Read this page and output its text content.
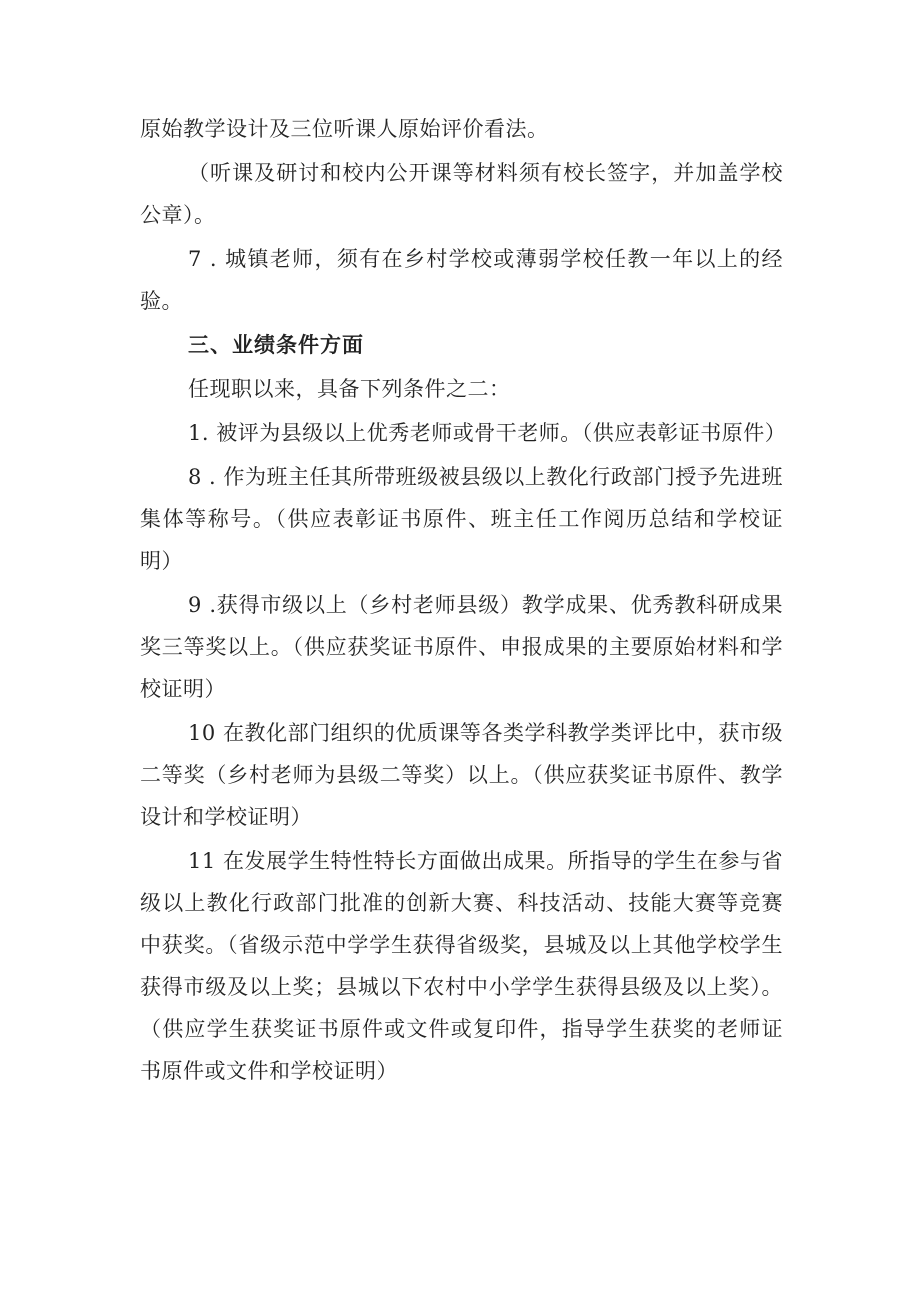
原始教学设计及三位听课人原始评价看法。

（听课及研讨和校内公开课等材料须有校长签字，并加盖学校公章）。

7 . 城镇老师，须有在乡村学校或薄弱学校任教一年以上的经验。

三、业绩条件方面

任现职以来，具备下列条件之二：

1. 被评为县级以上优秀老师或骨干老师。（供应表彰证书原件）

8 . 作为班主任其所带班级被县级以上教化行政部门授予先进班集体等称号。（供应表彰证书原件、班主任工作阅历总结和学校证明）

9 .获得市级以上（乡村老师县级）教学成果、优秀教科研成果奖三等奖以上。（供应获奖证书原件、申报成果的主要原始材料和学校证明）

10 在教化部门组织的优质课等各类学科教学类评比中，获市级二等奖（乡村老师为县级二等奖）以上。（供应获奖证书原件、教学设计和学校证明）

11 在发展学生特性特长方面做出成果。所指导的学生在参与省级以上教化行政部门批准的创新大赛、科技活动、技能大赛等竞赛中获奖。（省级示范中学学生获得省级奖，县城及以上其他学校学生获得市级及以上奖；县城以下农村中小学学生获得县级及以上奖）。（供应学生获奖证书原件或文件或复印件，指导学生获奖的老师证书原件或文件和学校证明）
